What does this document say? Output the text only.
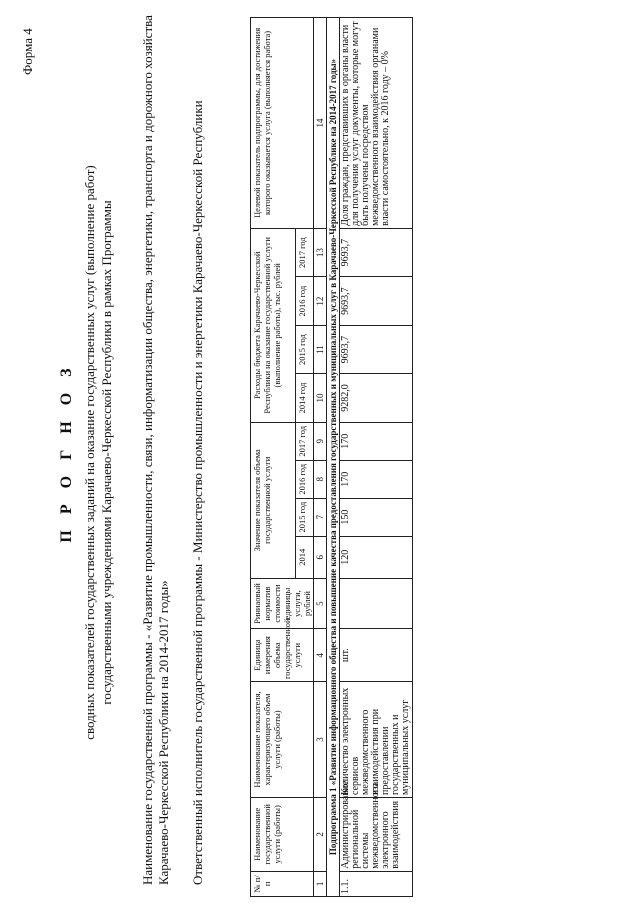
Форма 4
П Р О Г Н О З сводных показателей государственных заданий на оказание государственных услуг (выполнение работ) государственными учреждениями Карачаево-Черкесской Республики в рамках Программы Наименование государственной программы - «Развитие промышленности, связи, информатизации общества, энергетики, транспорта и дорожного хозяйства Карачаево-Черкесской Республики на 2014-2017 годы» Ответственный исполнитель государственной программы - Министерство промышленности и энергетики Карачаево-Черкесской Республики	№ п/п	Наименование государственной услуги (работы)	Наименование показателя, характеризующего объем услуги (работы)	Единица измерения объема государственной услуги	Риниаовый норматив стоимости единицы услуги, рублей	Значение показателя объема государственной услуги				Расходы бюджета Карачаево-Черкесской Республики на оказание государственной услуги (выполнение работы), тыс. рублей				Целевой показатель подпрограммы, для достижения которого оказывается услуга (выполняется работа)
					2014	2015 год	2016 год	2017 год	2014 год	2015 год	2016 год	2017 год	
1	2	3	4	5	6	7	8	9	10	11	12	13	14
Подпрограмма 1 «Развитие информационного общества и повышение качества предоставления государственных и муниципальных услуг в Карачаево-Черкесской Республике на 2014-2017 годы»													
1.1.	Администрирование региональной системы межведомственного электронного взаимодействия	Количество электронных сервисов межведомственного взаимодействия при предоставлении государственных и муниципальных услуг	шт.		120	150	170	170	9282,0	9693,7	9693,7	9693,7	Доля граждан, представивших в органы власти для получения услуг документы, которые могут быть получены посредством межведомственного взаимодействия органами власти самостоятельно, к 2016 году – 0%
